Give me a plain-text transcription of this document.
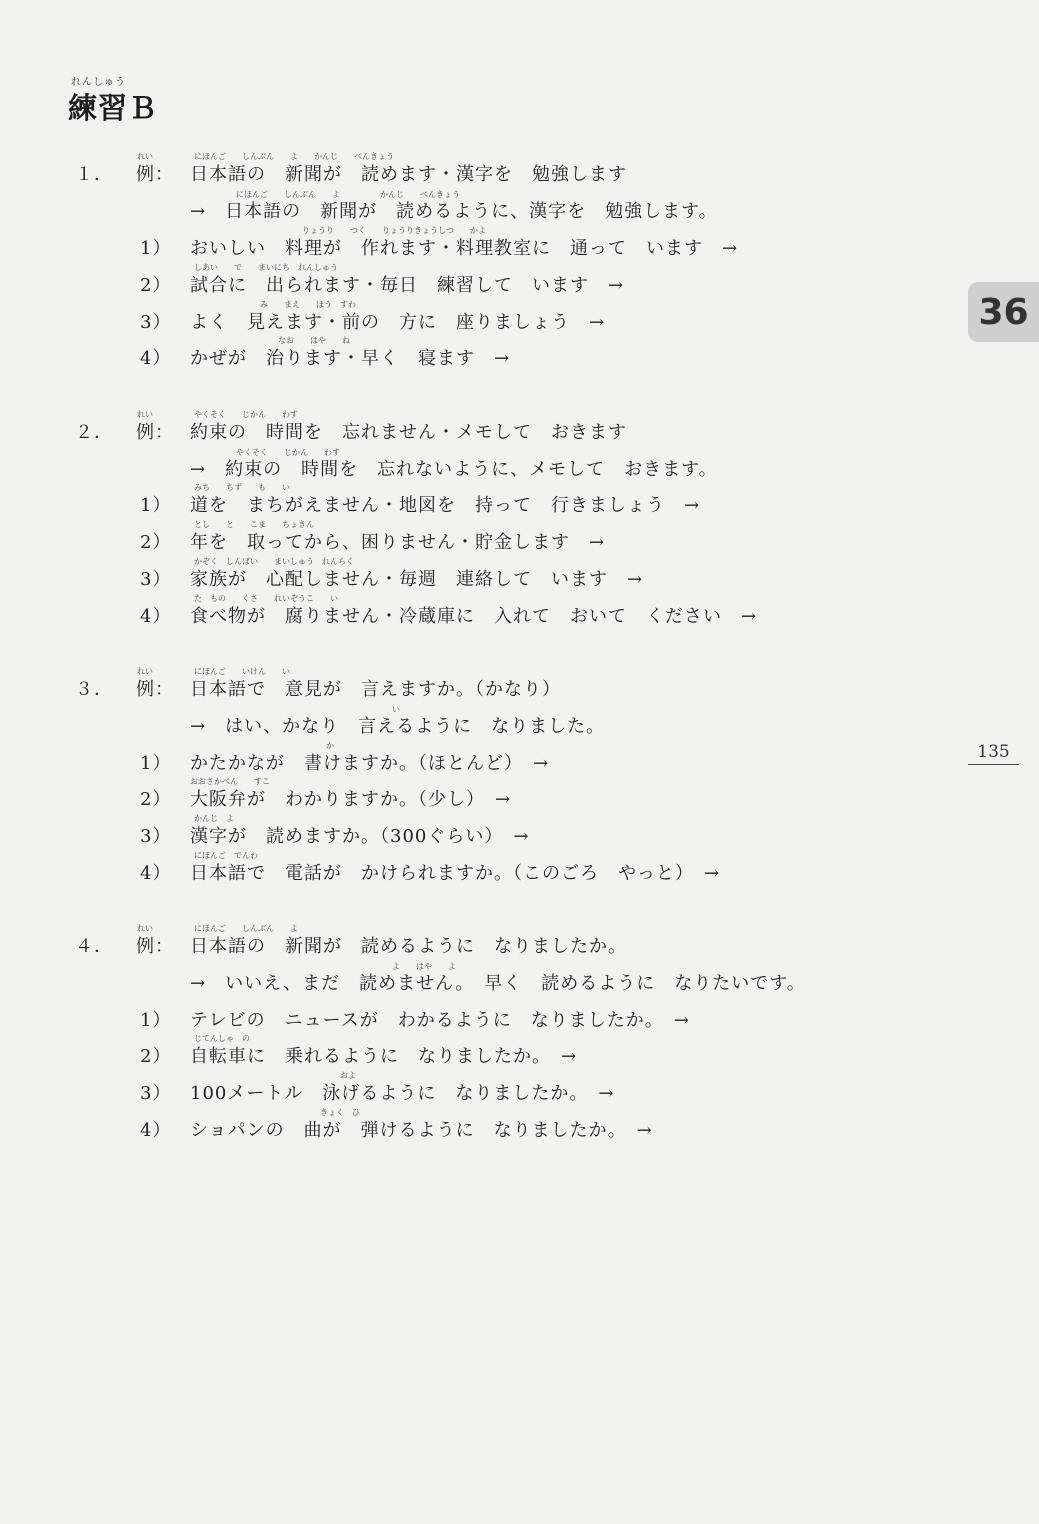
れんしゅう
練習Ｂ
36
135
１．
れい
例：
にほんご　　しんぶん　　よ　　かんじ　　べんきょう
日本語の　新聞が　読めます・漢字を　勉強します
にほんご　　しんぶん　　よ　　　　　かんじ　　べんきょう
→　日本語の　新聞が　読めるように、漢字を　勉強します。
1）
りょうり　　つく　　りょうりきょうしつ　　かよ
おいしい　料理が　作れます・料理教室に　通って　います　→
2）
しあい　　で　　まいにち　れんしゅう
試合に　出られます・毎日　練習して　います　→
3）
み　　まえ　　ほう　すわ
よく　見えます・前の　方に　座りましょう　→
4）
なお　　はや　　ね
かぜが　治ります・早く　寝ます　→
２．
れい
例：
やくそく　　じかん　　わす
約束の　時間を　忘れません・メモして　おきます
やくそく　　じかん　　わす
→　約束の　時間を　忘れないように、メモして　おきます。
1）
みち　　ちず　　も　　い
道を　まちがえません・地図を　持って　行きましょう　→
2）
とし　　と　　こま　　ちょきん
年を　取ってから、困りません・貯金します　→
3）
かぞく　しんぱい　　まいしゅう　れんらく
家族が　心配しません・毎週　連絡して　います　→
4）
た　もの　　くさ　　れいぞうこ　　い
食べ物が　腐りません・冷蔵庫に　入れて　おいて　ください　→
３．
れい
例：
にほんご　　いけん　　い
日本語で　意見が　言えますか。（かなり）
い
→　はい、かなり　言えるように　なりました。
1）
か
かたかなが　書けますか。（ほとんど）　→
2）
おおさかべん　　すこ
大阪弁が　わかりますか。（少し）　→
3）
かんじ　よ
漢字が　読めますか。（300ぐらい）　→
4）
にほんご　でんわ
日本語で　電話が　かけられますか。（このごろ　やっと）　→
４．
れい
例：
にほんご　　しんぶん　　よ
日本語の　新聞が　読めるように　なりましたか。
よ　　はや　　よ
→　いいえ、まだ　読めません。　早く　読めるように　なりたいです。
1） テレビの　ニュースが　わかるように　なりましたか。　→
2）
じてんしゃ　の
自転車に　乗れるように　なりましたか。　→
3）
およ
100メートル　泳げるように　なりましたか。　→
4）
きょく　ひ
ショパンの　曲が　弾けるように　なりましたか。　→
